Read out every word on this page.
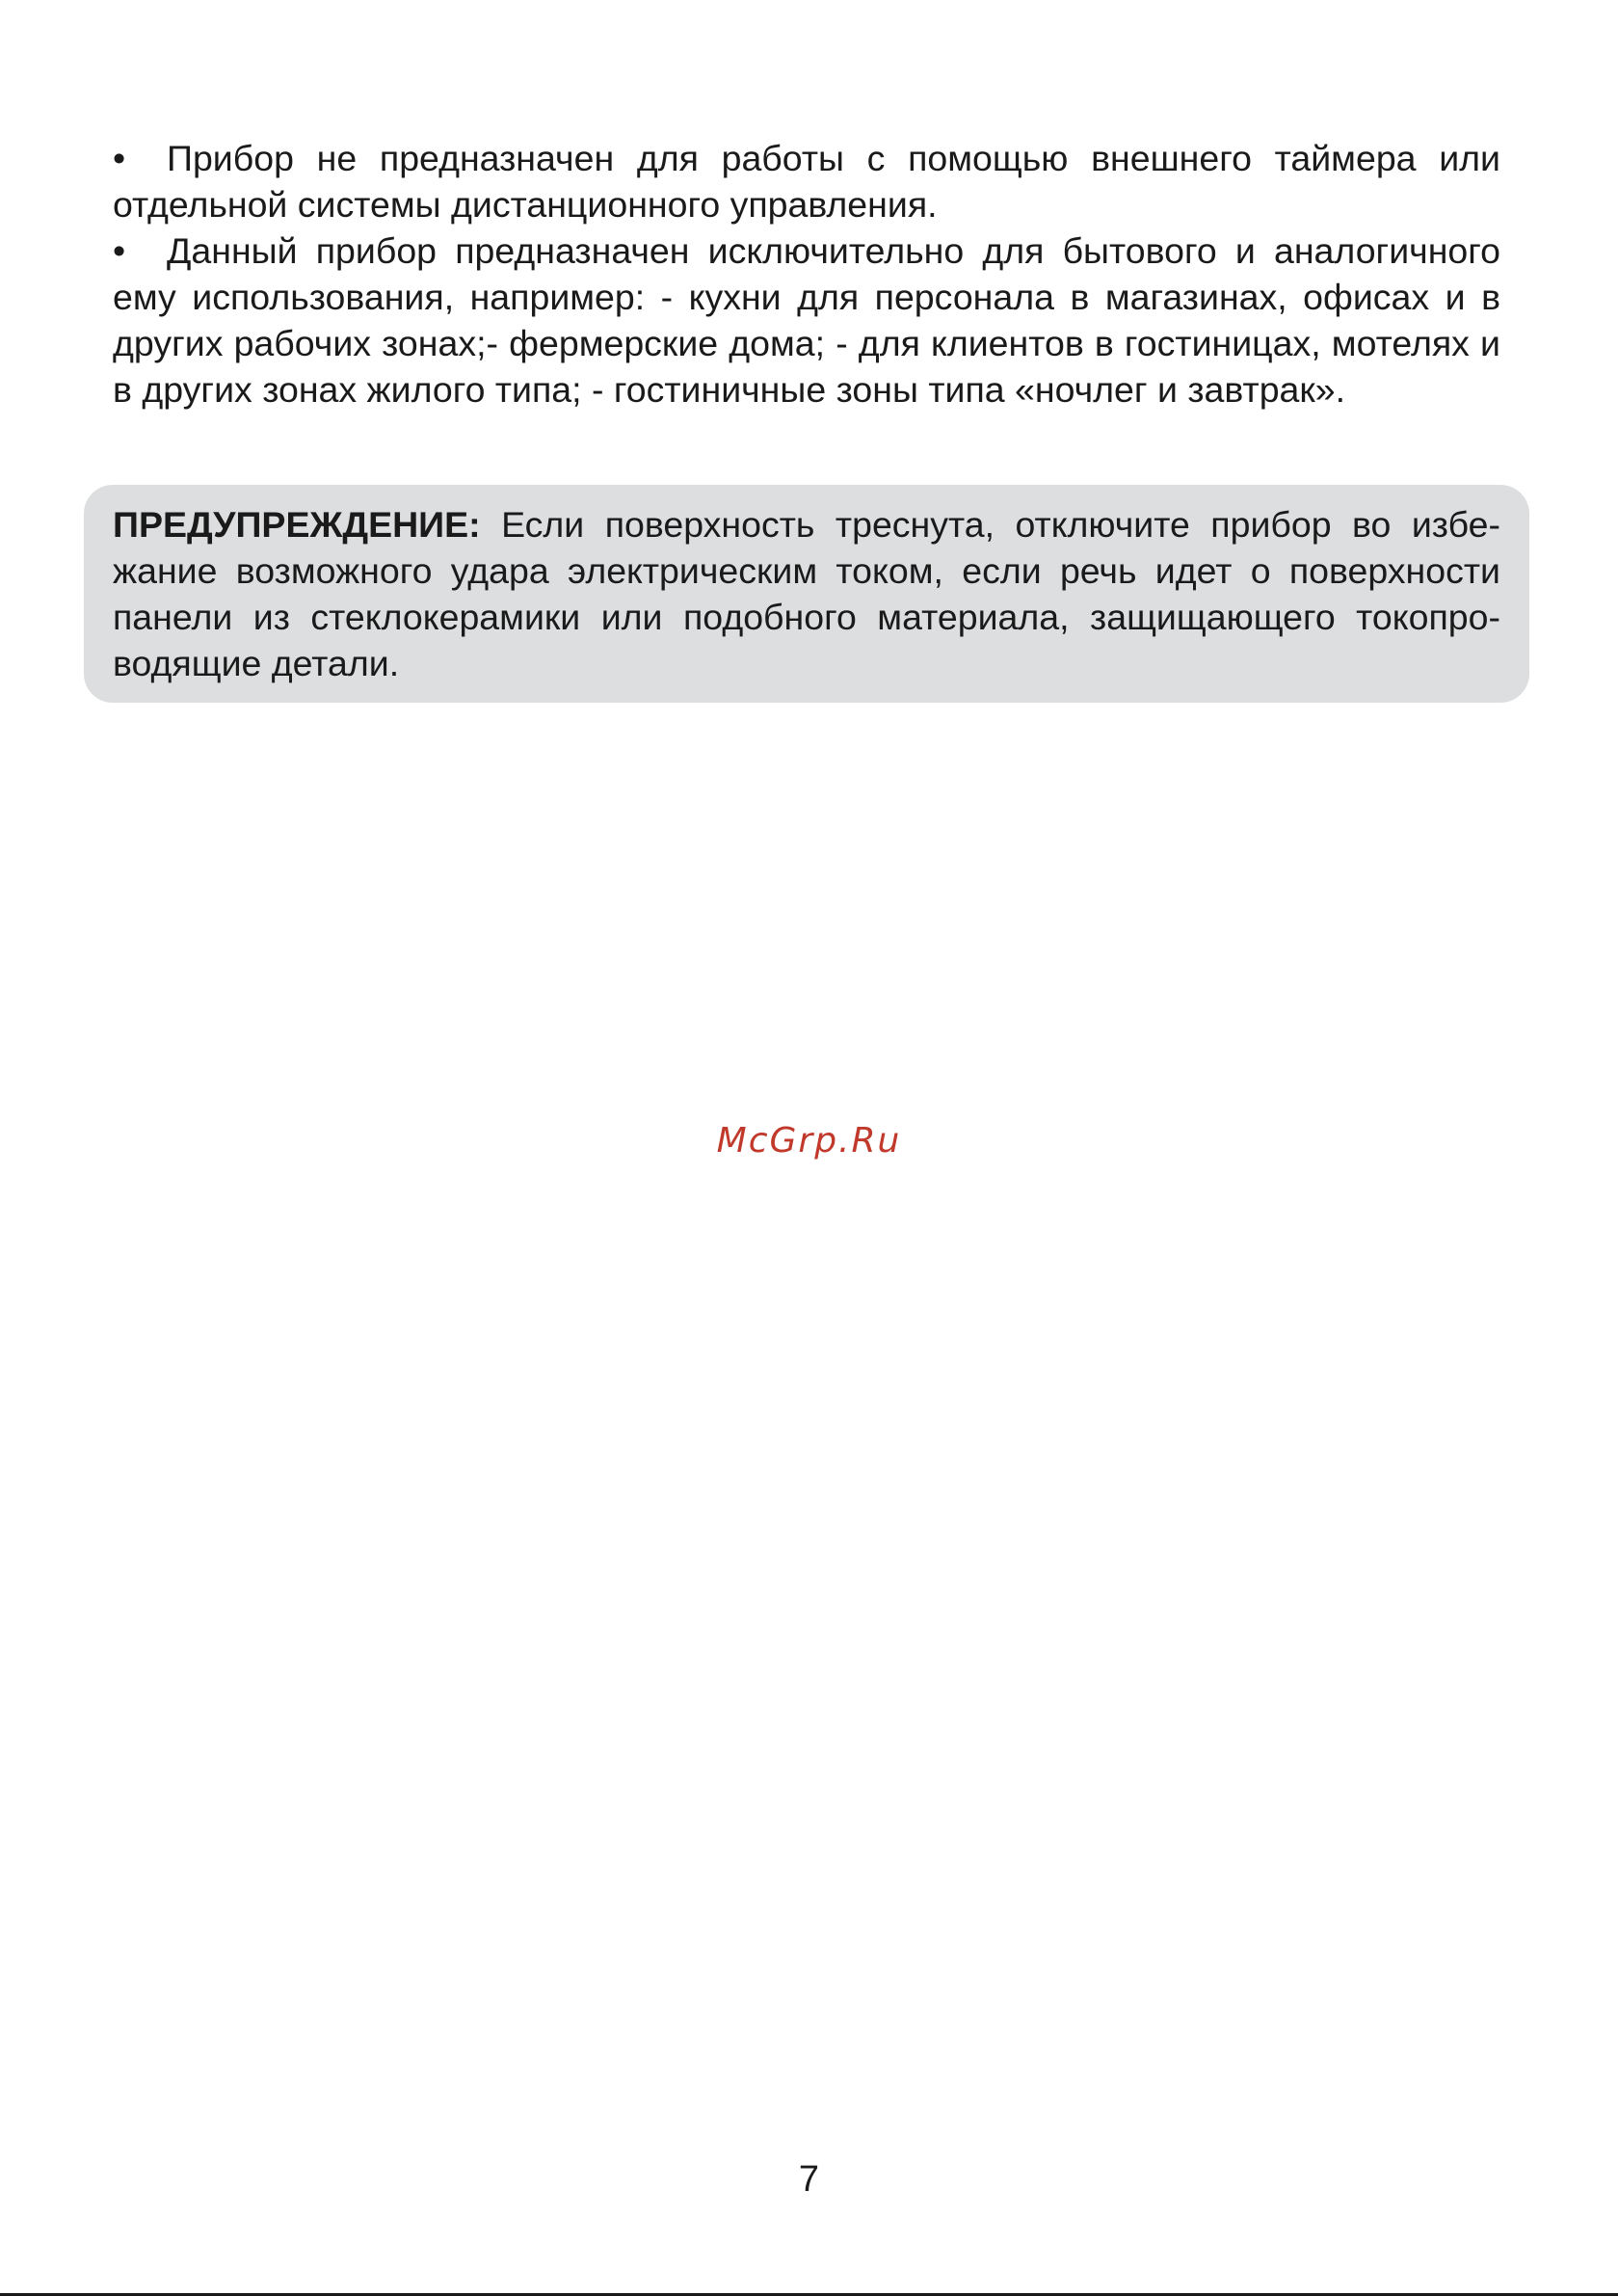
• Прибор не предназначен для работы с помощью внешнего таймера или отдельной системы дистанционного управления.
• Данный прибор предназначен исключительно для бытового и аналогичного ему использования, например: - кухни для персонала в магазинах, офисах и в других рабочих зонах;- фермерские дома; - для клиентов в гостиницах, мотелях и в других зонах жилого типа; - гостиничные зоны типа «ночлег и завтрак».

ПРЕДУПРЕЖДЕНИЕ: Если поверхность треснута, отключите прибор во избежание возможного удара электрическим током, если речь идет о поверхности панели из стеклокерамики или подобного материала, защищающего токопроводящие детали.

McGrp.Ru
7
